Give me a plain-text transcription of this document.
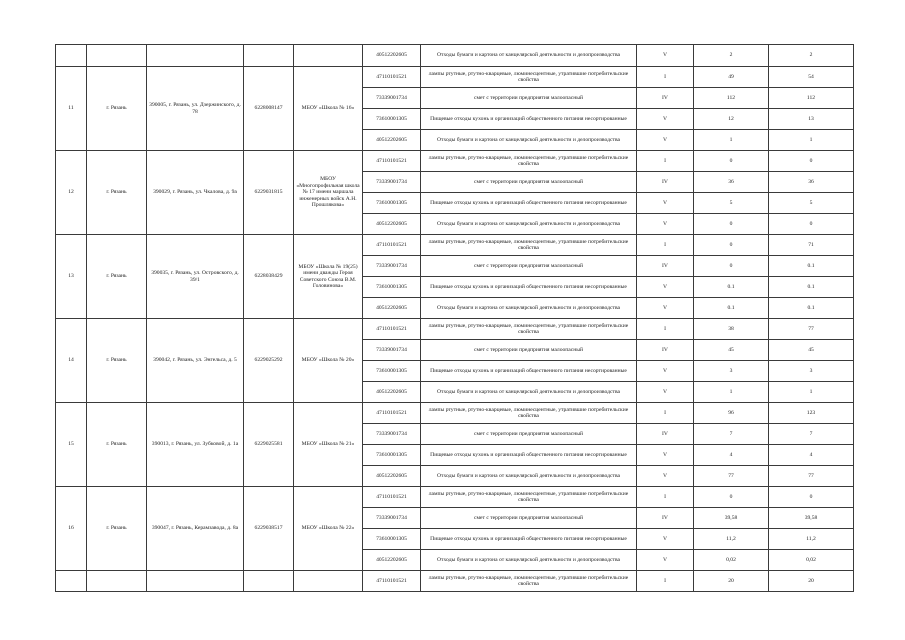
					40512202605	Отходы бумаги и картона от канцелярской деятельности и делопроизводства	V	2	2
11	г. Рязань	390005, г. Рязань, ул. Дзержинского, д. 78	6228008147	МБОУ «Школа № 16»	47110101521	лампы ртутные, ртутно-кварцевые, люминесцентные, утратившие потребительские свойства	I	49	54
					73339001734	смет с территории предприятия малоопасный	IV	112	112
					73610001305	Пищевые отходы кухонь и организаций общественного питания несортированные	V	12	13
					40512202605	Отходы бумаги и картона от канцелярской деятельности и делопроизводства	V	1	1
12	г. Рязань	390029, г. Рязань, ул. Чкалова, д. 9а	6229031815	МБОУ «Многопрофильная школа № 17 имени маршала инженерных войск А.Н. Прошлякова»	47110101521	лампы ртутные, ртутно-кварцевые, люминесцентные, утратившие потребительские свойства	I	0	0
					73339001734	смет с территории предприятия малоопасный	IV	36	36
					73610001305	Пищевые отходы кухонь и организаций общественного питания несортированные	V	5	5
					40512202605	Отходы бумаги и картона от канцелярской деятельности и делопроизводства	V	0	0
13	г. Рязань	390035, г. Рязань, ул. Островского, д. 39/1	6228038429	МБОУ «Школа № 19(25) имени дважды Героя Советского Союза В.М. Головинова»	47110101521	лампы ртутные, ртутно-кварцевые, люминесцентные, утратившие потребительские свойства	I	0	71
					73339001734	смет с территории предприятия малоопасный	IV	0	0.1
					73610001305	Пищевые отходы кухонь и организаций общественного питания несортированные	V	0.1	0.1
					40512202605	Отходы бумаги и картона от канцелярской деятельности и делопроизводства	V	0.1	0.1
14	г. Рязань	390042, г. Рязань, ул. Энгельса, д. 5	6229025292	МБОУ «Школа № 20»	47110101521	лампы ртутные, ртутно-кварцевые, люминесцентные, утратившие потребительские свойства	I	38	77
					73339001734	смет с территории предприятия малоопасный	IV	45	45
					73610001305	Пищевые отходы кухонь и организаций общественного питания несортированные	V	3	3
					40512202605	Отходы бумаги и картона от канцелярской деятельности и делопроизводства	V	1	1
15	г. Рязань	390013, г. Рязань, ул. Зубковой, д. 1а	6229025581	МБОУ «Школа № 21»	47110101521	лампы ртутные, ртутно-кварцевые, люминесцентные, утратившие потребительские свойства	I	96	123
					73339001734	смет с территории предприятия малоопасный	IV	7	7
					73610001305	Пищевые отходы кухонь и организаций общественного питания несортированные	V	4	4
					40512202605	Отходы бумаги и картона от канцелярской деятельности и делопроизводства	V	77	77
16	г. Рязань	390047, г. Рязань, Керамзавода, д. 8а	6229038517	МБОУ «Школа № 22»	47110101521	лампы ртутные, ртутно-кварцевые, люминесцентные, утратившие потребительские свойства	I	0	0
					73339001734	смет с территории предприятия малоопасный	IV	39,58	39,58
					73610001305	Пищевые отходы кухонь и организаций общественного питания несортированные	V	11,2	11,2
					40512202605	Отходы бумаги и картона от канцелярской деятельности и делопроизводства	V	0,02	0,02
					47110101521	лампы ртутные, ртутно-кварцевые, люминесцентные, утратившие потребительские свойства	I	20	20
